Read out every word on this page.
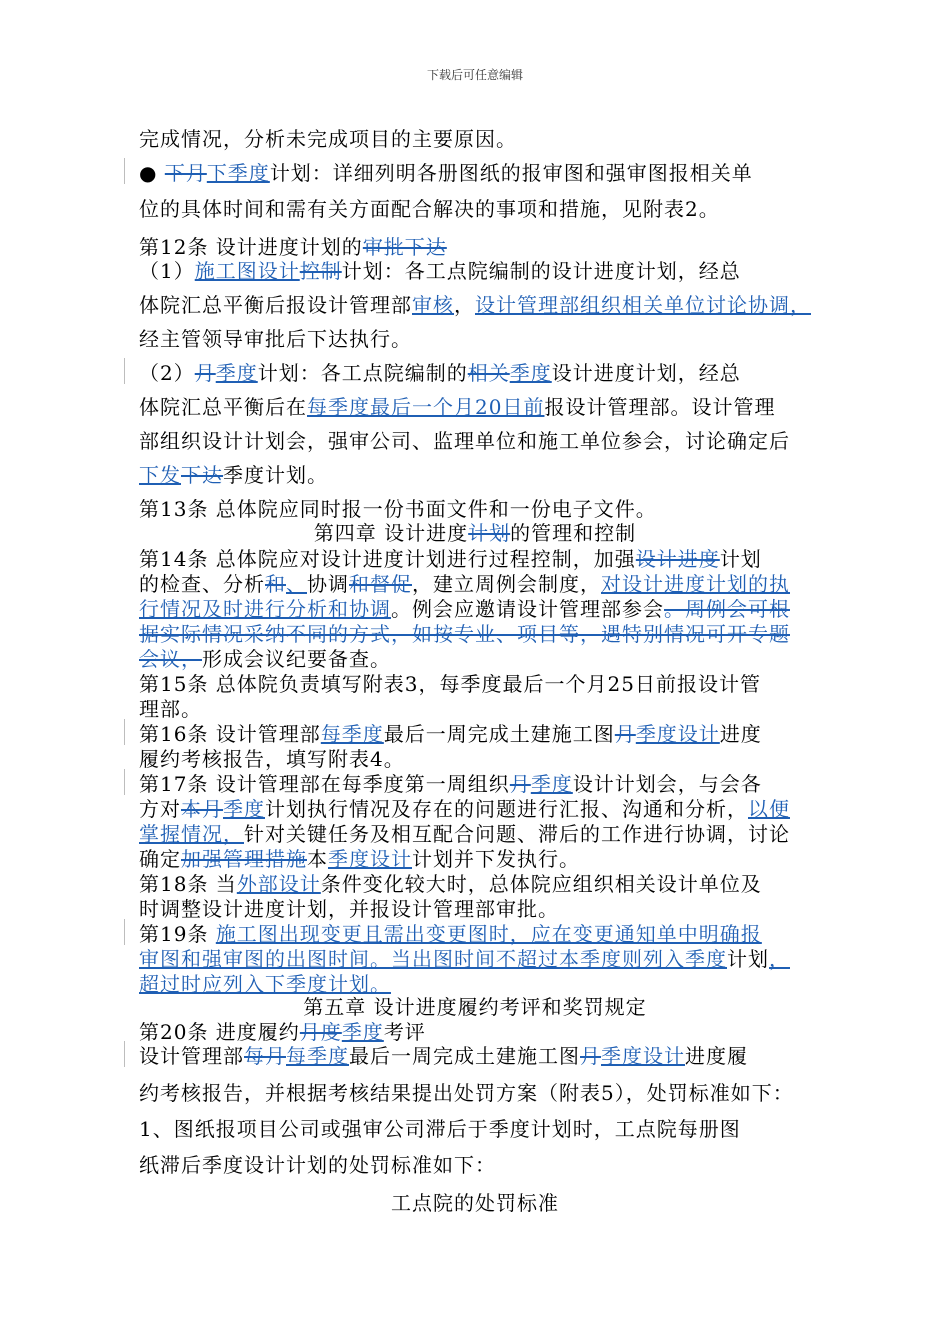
下载后可任意编辑
完成情况，分析未完成项目的主要原因。
● 下月下季度计划：详细列明各册图纸的报审图和强审图报相关单
位的具体时间和需有关方面配合解决的事项和措施，见附表2。
第12条 设计进度计划的审批下达
（1）施工图设计控制计划：各工点院编制的设计进度计划，经总
体院汇总平衡后报设计管理部审核，设计管理部组织相关单位讨论协调，
经主管领导审批后下达执行。
（2）月季度计划：各工点院编制的相关季度设计进度计划，经总
体院汇总平衡后在每季度最后一个月20日前报设计管理部。设计管理
部组织设计计划会，强审公司、监理单位和施工单位参会，讨论确定后
下发下达季度计划。
第13条 总体院应同时报一份书面文件和一份电子文件。
第四章 设计进度计划的管理和控制
第14条 总体院应对设计进度计划进行过程控制，加强设计进度计划
的检查、分析和、协调和督促，建立周例会制度，对设计进度计划的执
行情况及时进行分析和协调。例会应邀请设计管理部参会。周例会可根
据实际情况采纳不同的方式，如按专业、项目等，遇特别情况可开专题
会议，形成会议纪要备查。
第15条 总体院负责填写附表3，每季度最后一个月25日前报设计管
理部。
第16条 设计管理部每季度最后一周完成土建施工图月季度设计进度
履约考核报告，填写附表4。
第17条 设计管理部在每季度第一周组织月季度设计计划会，与会各
方对本月季度计划执行情况及存在的问题进行汇报、沟通和分析，以便
掌握情况，针对关键任务及相互配合问题、滞后的工作进行协调，讨论
确定加强管理措施本季度设计计划并下发执行。
第18条 当外部设计条件变化较大时，总体院应组织相关设计单位及
时调整设计进度计划，并报设计管理部审批。
第19条 施工图出现变更且需出变更图时，应在变更通知单中明确报
审图和强审图的出图时间。当出图时间不超过本季度则列入季度计划，
超过时应列入下季度计划。
第五章 设计进度履约考评和奖罚规定
第20条 进度履约月度季度考评
设计管理部每月每季度最后一周完成土建施工图月季度设计进度履
约考核报告，并根据考核结果提出处罚方案（附表5），处罚标准如下：
1、图纸报项目公司或强审公司滞后于季度计划时，工点院每册图
纸滞后季度设计计划的处罚标准如下：
工点院的处罚标准
